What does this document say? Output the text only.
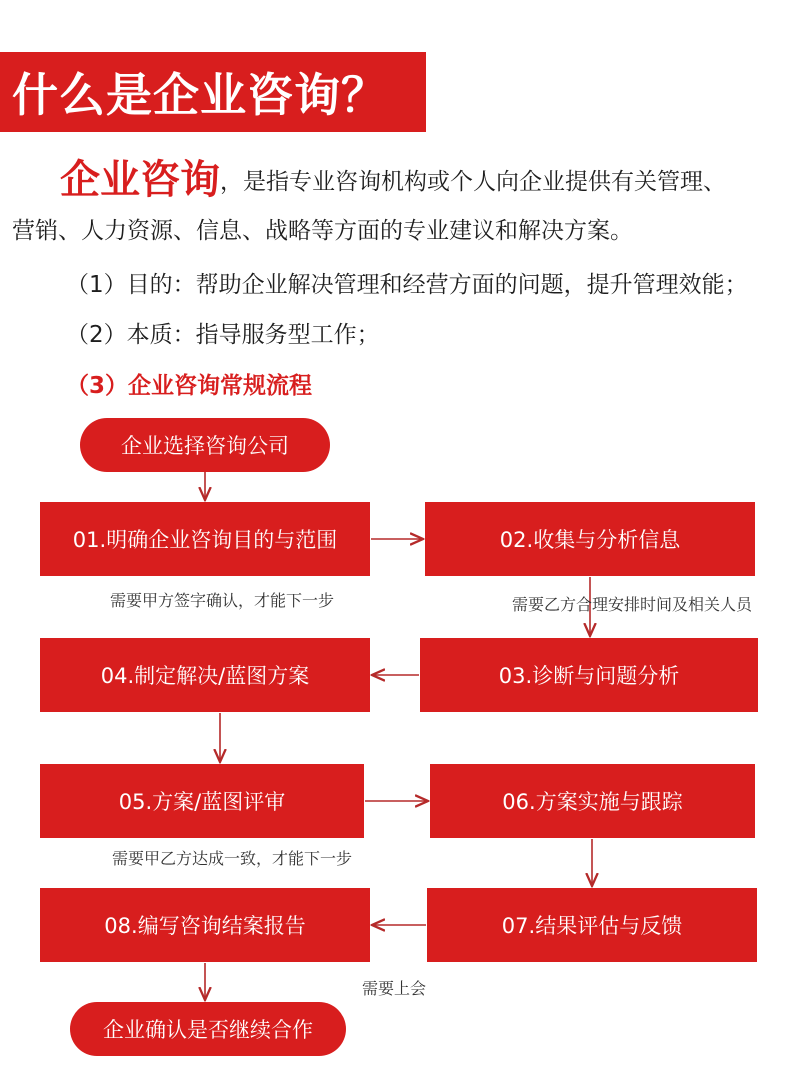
什么是企业咨询？
企业咨询，是指专业咨询机构或个人向企业提供有关管理、
营销、人力资源、信息、战略等方面的专业建议和解决方案。
（1）目的：帮助企业解决管理和经营方面的问题，提升管理效能；
（2）本质：指导服务型工作；
（3）企业咨询常规流程
企业选择咨询公司
01.明确企业咨询目的与范围	02.收集与分析信息
03.诊断与问题分析
04.制定解决/蓝图方案
05.方案/蓝图评审	06.方案实施与跟踪
07.结果评估与反馈
08.编写咨询结案报告
需要甲方签字确认，才能下一步	需要乙方合理安排时间及相关人员
需要甲乙方达成一致，才能下一步
需要上会
企业确认是否继续合作
